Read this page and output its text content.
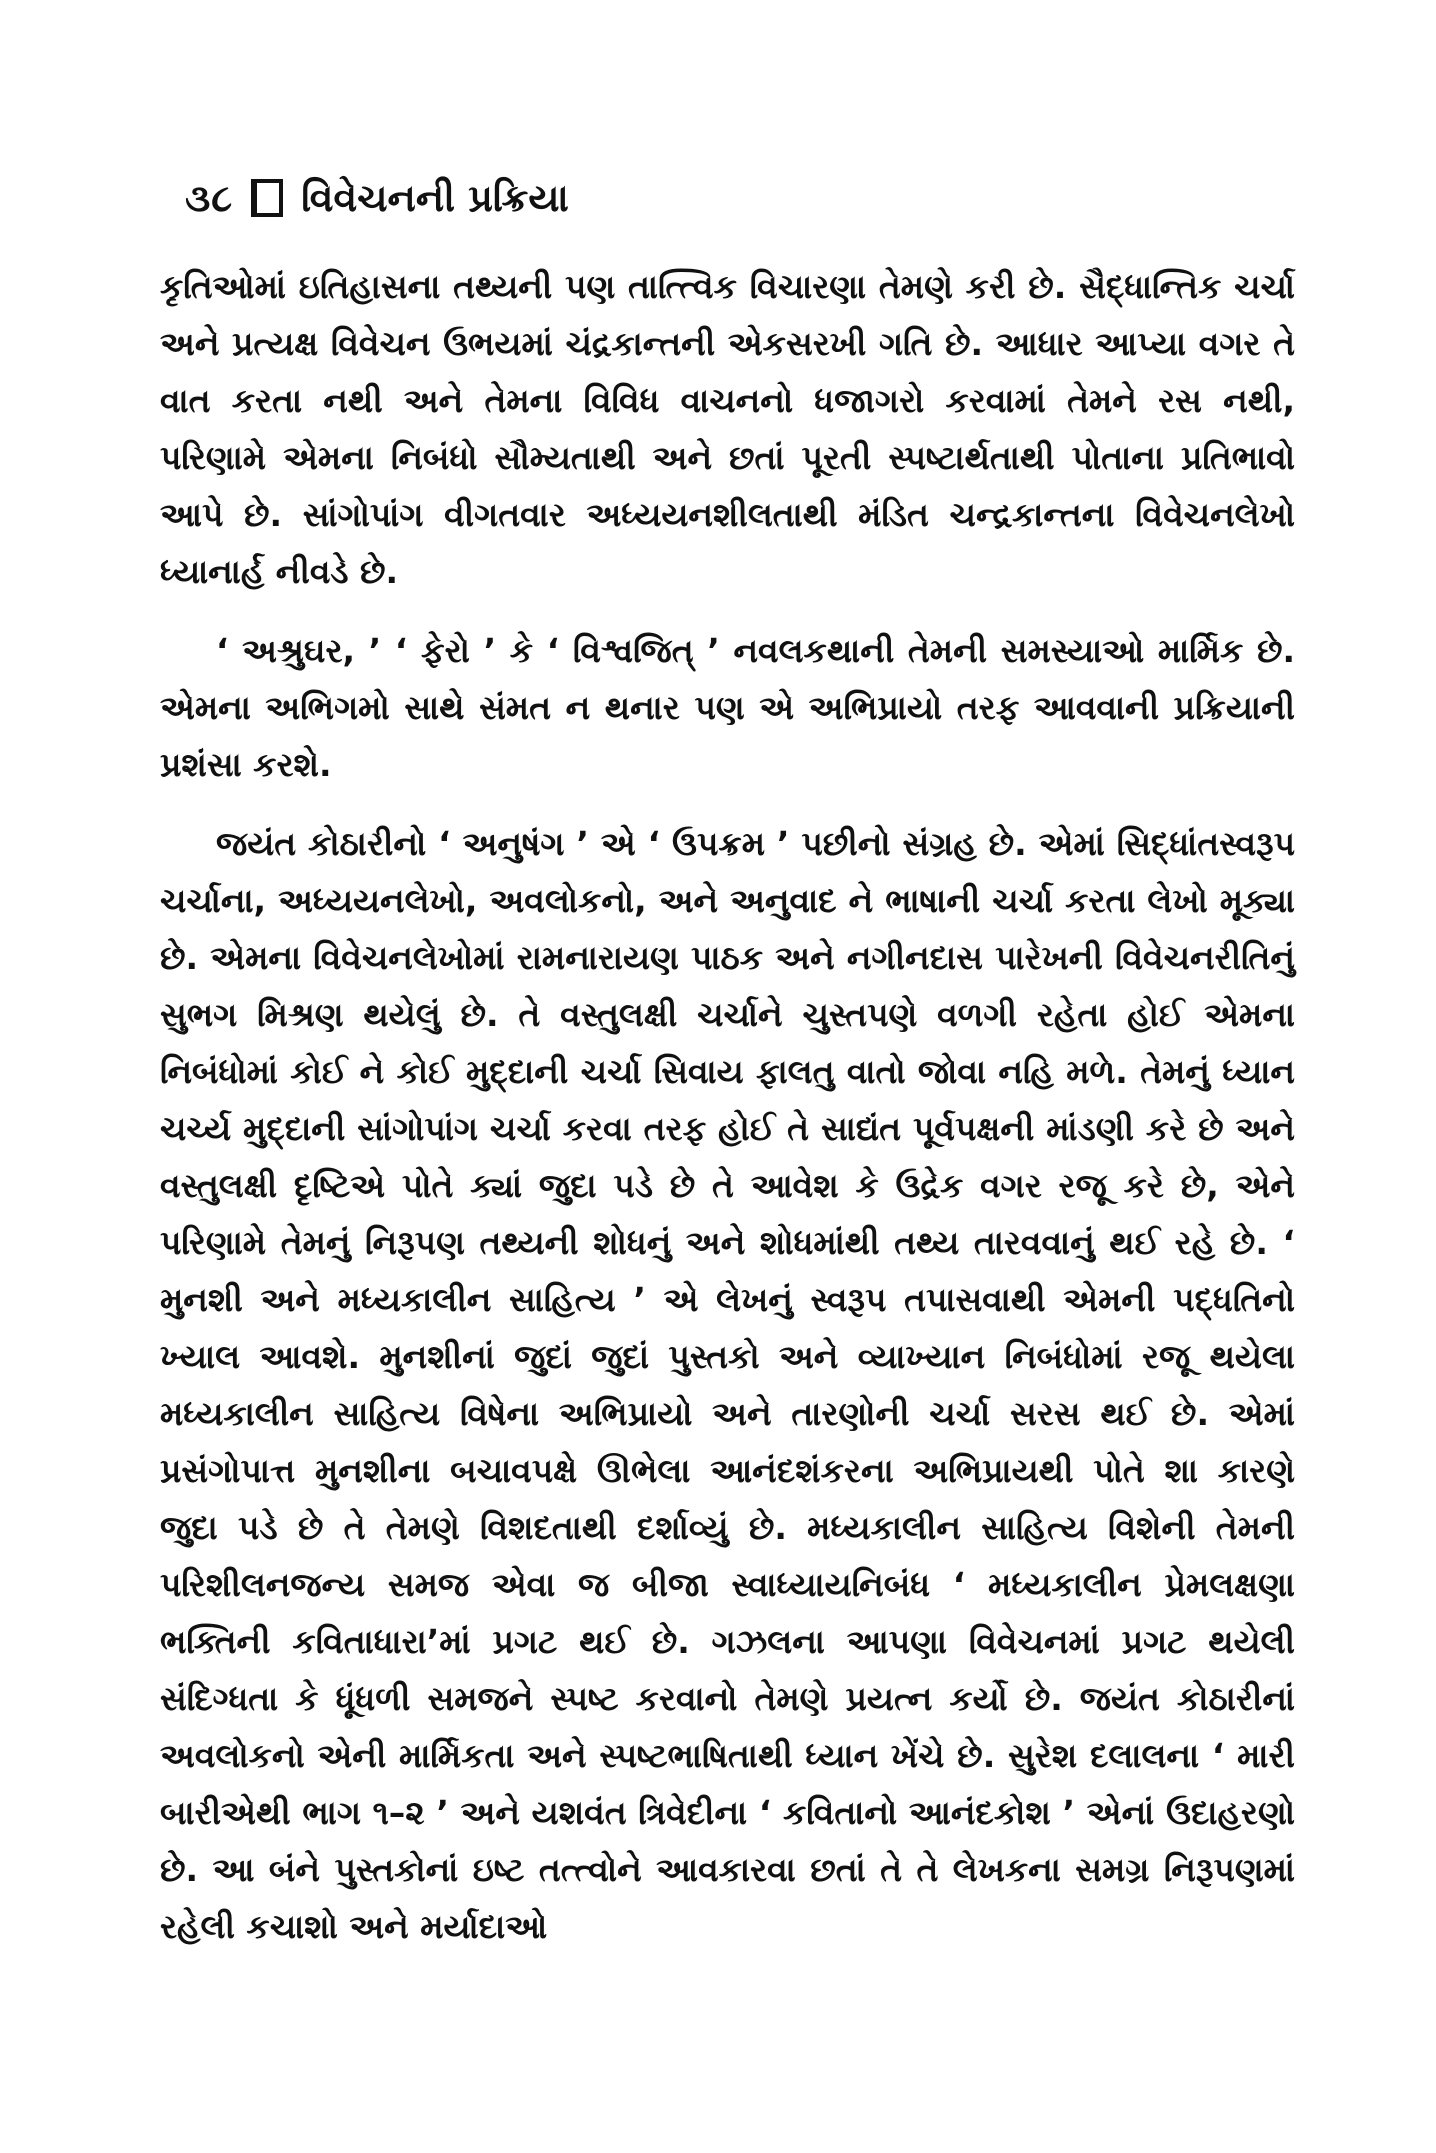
૩૮ વિવેચનની પ્રક્રિયા

કૃતિઓમાં ઇતિહાસના તથ્યની પણ તાત્ત્વિક વિચારણા તેમણે કરી છે. સૈદ્ધાન્તિક ચર્ચા અને પ્રત્યક્ષ વિવેચન ઉભયમાં ચંદ્રકાન્તની એકસરખી ગતિ છે. આધાર આપ્યા વગર તે વાત કરતા નથી અને તેમના વિવિધ વાચનનો ધજાગરો કરવામાં તેમને રસ નથી, પરિણામે એમના નિબંધો સૌમ્યતાથી અને છતાં પૂરતી સ્પષ્ટાર્થતાથી પોતાના પ્રતિભાવો આપે છે. સાંગોપાંગ વીગતવાર અધ્યયનશીલતાથી મંડિત ચન્દ્રકાન્તના વિવેચનલેખો ધ્યાનાર્હ નીવડે છે.

‘ અશ્રુઘર, ’ ‘ ફેરો ’ કે ‘ વિશ્વજિત્ ’ નવલકથાની તેમની સમસ્યાઓ માર્મિક છે. એમના અભિગમો સાથે સંમત ન થનાર પણ એ અભિપ્રાયો તરફ આવવાની પ્રક્રિયાની પ્રશંસા કરશે.

જયંત કોઠારીનો ‘ અનુષંગ ’ એ ‘ ઉપક્રમ ’ પછીનો સંગ્રહ છે. એમાં સિદ્ધાંતસ્વરૂપ ચર્ચાના, અધ્યયનલેખો, અવલોકનો, અને અનુવાદ ને ભાષાની ચર્ચા કરતા લેખો મૂક્યા છે. એમના વિવેચનલેખોમાં રામનારાયણ પાઠક અને નગીનદાસ પારેખની વિવેચનરીતિનું સુભગ મિશ્રણ થયેલું છે. તે વસ્તુલક્ષી ચર્ચાને ચુસ્તપણે વળગી રહેતા હોઈ એમના નિબંધોમાં કોઈ ને કોઈ મુદ્દાની ચર્ચા સિવાય ફાલતુ વાતો જોવા નહિ મળે. તેમનું ધ્યાન ચર્ચ્ય મુદ્દાની સાંગોપાંગ ચર્ચા કરવા તરફ હોઈ તે સાદ્યંત પૂર્વપક્ષની માંડણી કરે છે અને વસ્તુલક્ષી દૃષ્ટિએ પોતે ક્યાં જુદા પડે છે તે આવેશ કે ઉદ્રેક વગર રજૂ કરે છે, એને પરિણામે તેમનું નિરૂપણ તથ્યની શોધનું અને શોધમાંથી તથ્ય તારવવાનું થઈ રહે છે. ‘ મુનશી અને મધ્યકાલીન સાહિત્ય ’ એ લેખનું સ્વરૂપ તપાસવાથી એમની પદ્ધતિનો ખ્યાલ આવશે. મુનશીનાં જુદાં જુદાં પુસ્તકો અને વ્યાખ્યાન નિબંધોમાં રજૂ થયેલા મધ્યકાલીન સાહિત્ય વિષેના અભિપ્રાયો અને તારણોની ચર્ચા સરસ થઈ છે. એમાં પ્રસંગોપાત્ત મુનશીના બચાવપક્ષે ઊભેલા આનંદશંકરના અભિપ્રાયથી પોતે શા કારણે જુદા પડે છે તે તેમણે વિશદતાથી દર્શાવ્યું છે. મધ્યકાલીન સાહિત્ય વિશેની તેમની પરિશીલનજન્ય સમજ એવા જ બીજા સ્વાધ્યાયનિબંધ ‘ મધ્યકાલીન પ્રેમલક્ષણા ભક્તિની કવિતાધારા’માં પ્રગટ થઈ છે. ગઝલના આપણા વિવેચનમાં પ્રગટ થયેલી સંદિગ્ધતા કે ધૂંધળી સમજને સ્પષ્ટ કરવાનો તેમણે પ્રયત્ન કર્યો છે. જયંત કોઠારીનાં અવલોકનો એની માર્મિકતા અને સ્પષ્ટભાષિતાથી ધ્યાન ખેંચે છે. સુરેશ દલાલના ‘ મારી બારીએથી ભાગ ૧–૨ ’ અને યશવંત ત્રિવેદીના ‘ કવિતાનો આનંદકોશ ’ એનાં ઉદાહરણો છે. આ બંને પુસ્તકોનાં ઇષ્ટ તત્ત્વોને આવકારવા છતાં તે તે લેખકના સમગ્ર નિરૂપણમાં રહેલી કચાશો અને મર્યાદાઓ
